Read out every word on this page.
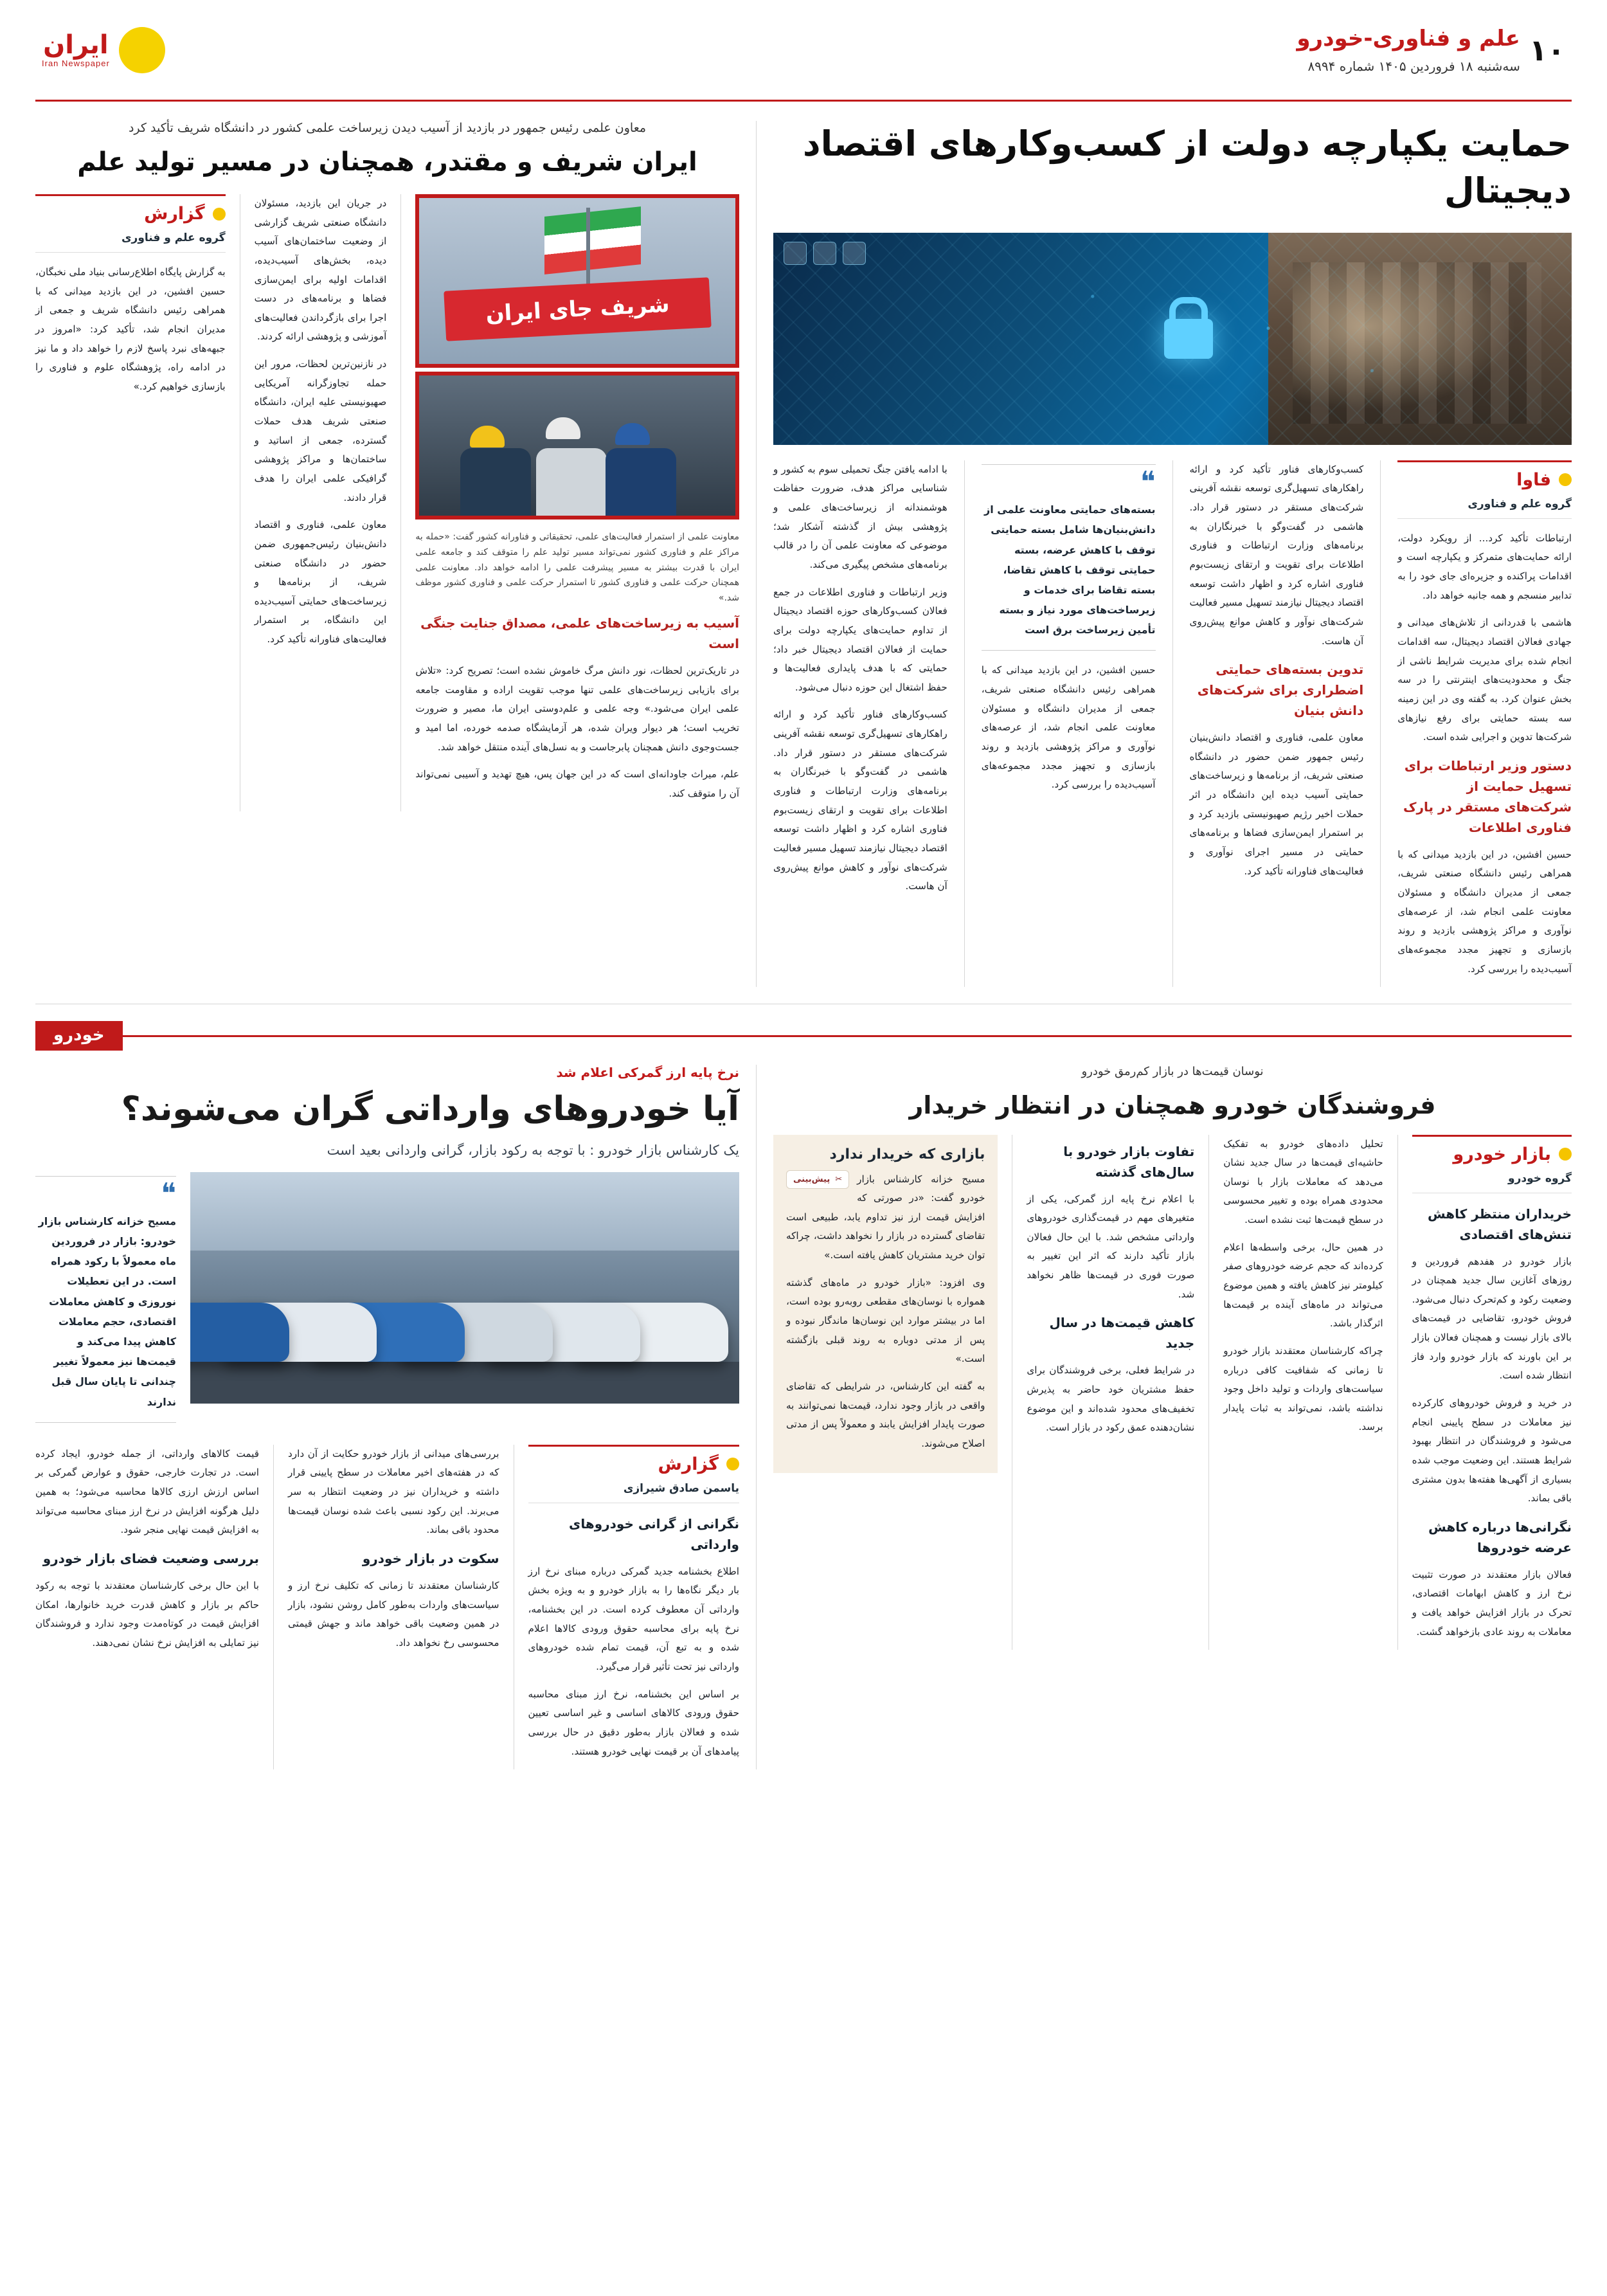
۱۰
علم و فناوری-خودرو
سه‌شنبه ۱۸ فروردین ۱۴۰۵ شماره ۸۹۹۴
ایران
Iran Newspaper
حمایت یکپارچه دولت از کسب‌وکارهای اقتصاد دیجیتال
فاوا
گروه علم و فناوری

ارتباطات تأکید کرد... از رویکرد دولت، ارائه حمایت‌های متمرکز و یکپارچه است و اقدامات پراکنده و جزیره‌ای جای خود را به تدابیر منسجم و همه جانبه خواهد داد.

هاشمی با قدردانی از تلاش‌های میدانی و جهادی فعالان اقتصاد دیجیتال، سه اقدامات انجام شده برای مدیریت شرایط ناشی از جنگ و محدودیت‌های اینترنتی را در سه بخش عنوان کرد. به گفته وی در این زمینه سه بسته حمایتی برای رفع نیازهای شرکت‌ها تدوین و اجرایی شده است.

دستور وزیر ارتباطات برای تسهیل حمایت از شرکت‌های مستقر در پارک فناوری اطلاعات

حسین افشین، در این بازدید میدانی که با همراهی رئیس دانشگاه صنعتی شریف، جمعی از مدیران دانشگاه و مسئولان معاونت علمی انجام شد، از عرصه‌های نوآوری و مراکز پژوهشی بازدید و روند بازسازی و تجهیز مجدد مجموعه‌های آسیب‌دیده را بررسی کرد.

کسب‌وکارهای فناور تأکید کرد و ارائه راهکارهای تسهیل‌گری توسعه نقشه آفرینی شرکت‌های مستقر در دستور قرار داد. هاشمی در گفت‌وگو با خبرنگاران به برنامه‌های وزارت ارتباطات و فناوری اطلاعات برای تقویت و ارتقای زیست‌بوم فناوری اشاره کرد و اظهار داشت توسعه اقتصاد دیجیتال نیازمند تسهیل مسیر فعالیت شرکت‌های نوآور و کاهش موانع پیش‌روی آن هاست.

تدوین بسته‌های حمایتی اضطراری برای شرکت‌های دانش بنیان

معاون علمی، فناوری و اقتصاد دانش‌بنیان رئیس جمهور ضمن حضور در دانشگاه صنعتی شریف، از برنامه‌ها و زیرساخت‌های حمایتی آسیب دیده این دانشگاه در اثر حملات اخیر رژیم صهیونیستی بازدید کرد و بر استمرار ایمن‌سازی فضاها و برنامه‌های حمایتی در مسیر اجرای نوآوری و فعالیت‌های فناورانه تأکید کرد.

❝
بسته‌های حمایتی معاونت علمی از دانش‌بنیان‌ها شامل بسته حمایتی توقف با کاهش عرضه، بسته حمایتی توقف با کاهش تقاضا، بسته تقاضا برای خدمات و زیرساخت‌های مورد نیاز و بسته تأمین زیرساخت برق است

حسین افشین، در این بازدید میدانی که با همراهی رئیس دانشگاه صنعتی شریف، جمعی از مدیران دانشگاه و مسئولان معاونت علمی انجام شد، از عرصه‌های نوآوری و مراکز پژوهشی بازدید و روند بازسازی و تجهیز مجدد مجموعه‌های آسیب‌دیده را بررسی کرد.

با ادامه یافتن جنگ تحمیلی سوم به کشور و شناسایی مراکز هدف، ضرورت حفاظت هوشمندانه از زیرساخت‌های علمی و پژوهشی بیش از گذشته آشکار شد؛ موضوعی که معاونت علمی آن را در قالب برنامه‌های مشخص پیگیری می‌کند.

وزیر ارتباطات و فناوری اطلاعات در جمع فعالان کسب‌وکارهای حوزه اقتصاد دیجیتال از تداوم حمایت‌های یکپارچه دولت برای حمایت از فعالان اقتصاد دیجیتال خبر داد؛ حمایتی که با هدف پایداری فعالیت‌ها و حفظ اشتغال این حوزه دنبال می‌شود.

کسب‌وکارهای فناور تأکید کرد و ارائه راهکارهای تسهیل‌گری توسعه نقشه آفرینی شرکت‌های مستقر در دستور قرار داد. هاشمی در گفت‌وگو با خبرنگاران به برنامه‌های وزارت ارتباطات و فناوری اطلاعات برای تقویت و ارتقای زیست‌بوم فناوری اشاره کرد و اظهار داشت توسعه اقتصاد دیجیتال نیازمند تسهیل مسیر فعالیت شرکت‌های نوآور و کاهش موانع پیش‌روی آن هاست.

معاون علمی رئیس جمهور در بازدید از آسیب دیدن زیرساخت علمی کشور در دانشگاه شریف تأکید کرد
ایران شریف و مقتدر، همچنان در مسیر تولید علم
شریف جای ایران
معاونت علمی از استمرار فعالیت‌های علمی، تحقیقاتی و فناورانه کشور گفت: «حمله به مراکز علم و فناوری کشور نمی‌تواند مسیر تولید علم را متوقف کند و جامعه علمی ایران با قدرت بیشتر به مسیر پیشرفت علمی را ادامه خواهد داد. معاونت علمی همچنان حرکت علمی و فناوری کشور تا استمرار حرکت علمی و فناوری کشور موظف شد.»
آسیب به زیرساخت‌های علمی، مصداق جنایت جنگی است

در تاریک‌ترین لحظات، نور دانش مرگ خاموش نشده است؛ تصریح کرد: «تلاش برای بازیابی زیرساخت‌های علمی تنها موجب تقویت اراده و مقاومت جامعه علمی ایران می‌شود.» وجه علمی و علم‌دوستی ایران ما، مصیر و ضرورت تخریب است؛ هر دیوار ویران شده، هر آزمایشگاه صدمه خورده، اما امید و جست‌وجوی دانش همچنان پابرجاست و به نسل‌های آینده منتقل خواهد شد.

علم، میراث جاودانه‌ای است که در این جهان پس، هیچ تهدید و آسیبی نمی‌تواند آن را متوقف کند.

در جریان این بازدید، مسئولان دانشگاه صنعتی شریف گزارشی از وضعیت ساختمان‌های آسیب دیده، بخش‌های آسیب‌دیده، اقدامات اولیه برای ایمن‌سازی فضاها و برنامه‌های در دست اجرا برای بازگرداندن فعالیت‌های آموزشی و پژوهشی ارائه کردند.

در نازنین‌ترین لحظات، مرور این حمله تجاوزگرانه آمریکایی صهیونیستی علیه ایران، دانشگاه صنعتی شریف هدف حملات گسترده، جمعی از اساتید و ساختمان‌ها و مراکز پژوهشی گرافیکی علمی ایران را هدف قرار دادند.

معاون علمی، فناوری و اقتصاد دانش‌بنیان رئیس‌جمهوری ضمن حضور در دانشگاه صنعتی شریف، از برنامه‌ها و زیرساخت‌های حمایتی آسیب‌دیده این دانشگاه، بر استمرار فعالیت‌های فناورانه تأکید کرد.

گزارش
گروه علم و فناوری

به گزارش پایگاه اطلاع‌رسانی بنیاد ملی نخبگان، حسین افشین، در این بازدید میدانی که با همراهی رئیس دانشگاه شریف و جمعی از مدیران انجام شد، تأکید کرد: «امروز در جبهه‌های نبرد پاسخ لازم را خواهد داد و ما نیز در ادامه راه، پژوهشگاه علوم و فناوری را بازسازی خواهیم کرد.»

خودرو
نوسان قیمت‌ها در بازار کم‌رمق خودرو
فروشندگان خودرو همچنان در انتظار خریدار
بازار خودرو
گروه خودرو
خریداران منتظر کاهش تنش‌های اقتصادی

بازار خودرو در هفدهم فروردین و روزهای آغازین سال جدید همچنان در وضعیت رکود و کم‌تحرک دنبال می‌شود. فروش خودرو، تقاضایی در قیمت‌های بالای بازار نیست و همچنان فعالان بازار بر این باورند که بازار خودرو وارد فاز انتظار شده است.

در خرید و فروش خودروهای کارکرده نیز معاملات در سطح پایینی انجام می‌شود و فروشندگان در انتظار بهبود شرایط هستند. این وضعیت موجب شده بسیاری از آگهی‌ها هفته‌ها بدون مشتری باقی بماند.

نگرانی‌ها درباره کاهش عرضه خودروها

فعالان بازار معتقدند در صورت تثبیت نرخ ارز و کاهش ابهامات اقتصادی، تحرک در بازار افزایش خواهد یافت و معاملات به روند عادی بازخواهد گشت.

تحلیل داده‌های خودرو به تفکیک حاشیه‌ای قیمت‌ها در سال جدید نشان می‌دهد که معاملات بازار با نوسان محدودی همراه بوده و تغییر محسوسی در سطح قیمت‌ها ثبت نشده است.

در همین حال، برخی واسطه‌ها اعلام کرده‌اند که حجم عرضه خودروهای صفر کیلومتر نیز کاهش یافته و همین موضوع می‌تواند در ماه‌های آینده بر قیمت‌ها اثرگذار باشد.

چراکه کارشناسان معتقدند بازار خودرو تا زمانی که شفافیت کافی درباره سیاست‌های واردات و تولید داخل وجود نداشته باشد، نمی‌تواند به ثبات پایدار برسد.

تفاوت بازار خودرو با سال‌های گذشته

با اعلام نرخ پایه ارز گمرکی، یکی از متغیرهای مهم در قیمت‌گذاری خودروهای وارداتی مشخص شد. با این حال فعالان بازار تأکید دارند که اثر این تغییر به صورت فوری در قیمت‌ها ظاهر نخواهد شد.

کاهش قیمت‌ها در سال جدید

در شرایط فعلی، برخی فروشندگان برای حفظ مشتریان خود حاضر به پذیرش تخفیف‌های محدود شده‌اند و این موضوع نشان‌دهنده عمق رکود در بازار است.

بازاری که خریدار ندارد
✂
پیش‌بینی	مسیح خزانه کارشناس بازار خودرو گفت: «در صورتی که افزایش قیمت ارز نیز تداوم یابد، طبیعی است تقاضای گسترده در بازار را نخواهد داشت، چراکه توان خرید مشتریان کاهش یافته است.»

وی افزود: «بازار خودرو در ماه‌های گذشته همواره با نوسان‌های مقطعی روبه‌رو بوده است، اما در بیشتر موارد این نوسان‌ها ماندگار نبوده و پس از مدتی دوباره به روند قبلی بازگشته است.»

به گفته این کارشناس، در شرایطی که تقاضای واقعی در بازار وجود ندارد، قیمت‌ها نمی‌توانند به صورت پایدار افزایش یابند و معمولاً پس از مدتی اصلاح می‌شوند.

نرخ پایه ارز گمرکی اعلام شد
آیا خودروهای وارداتی گران می‌شوند؟
یک کارشناس بازار خودرو : با توجه به رکود بازار، گرانی واردانی بعید است
❝
مسیح خزانه کارشناس بازار خودرو: بازار در فروردین ماه معمولاً با رکود همراه است. در این تعطیلات نوروزی و کاهش معاملات اقتصادی، حجم معاملات کاهش پیدا می‌کند و قیمت‌ها نیز معمولاً تغییر چندانی تا پایان سال قبل ندارند
گزارش
یاسمن صادق شیرازی
نگرانی از گرانی خودروهای وارداتی

اطلاع بخشنامه جدید گمرکی درباره مبنای نرخ ارز بار دیگر نگاه‌ها را به بازار خودرو و به ویژه بخش وارداتی آن معطوف کرده است. در این بخشنامه، نرخ پایه برای محاسبه حقوق ورودی کالاها اعلام شده و به تبع آن، قیمت تمام شده خودروهای وارداتی نیز تحت تأثیر قرار می‌گیرد.

بر اساس این بخشنامه، نرخ ارز مبنای محاسبه حقوق ورودی کالاهای اساسی و غیر اساسی تعیین شده و فعالان بازار به‌طور دقیق در حال بررسی پیامدهای آن بر قیمت نهایی خودرو هستند.

بررسی‌های میدانی از بازار خودرو حکایت از آن دارد که در هفته‌های اخیر معاملات در سطح پایینی قرار داشته و خریداران نیز در وضعیت انتظار به سر می‌برند. این رکود نسبی باعث شده نوسان قیمت‌ها محدود باقی بماند.

سکوت در بازار خودرو

کارشناسان معتقدند تا زمانی که تکلیف نرخ ارز و سیاست‌های واردات به‌طور کامل روشن نشود، بازار در همین وضعیت باقی خواهد ماند و جهش قیمتی محسوسی رخ نخواهد داد.

قیمت کالاهای وارداتی، از جمله خودرو، ایجاد کرده است. در تجارت خارجی، حقوق و عوارض گمرکی بر اساس ارزش ارزی کالاها محاسبه می‌شود؛ به همین دلیل هرگونه افزایش در نرخ ارز مبنای محاسبه می‌تواند به افزایش قیمت نهایی منجر شود.

بررسی وضعیت فضای بازار خودرو

با این حال برخی کارشناسان معتقدند با توجه به رکود حاکم بر بازار و کاهش قدرت خرید خانوارها، امکان افزایش قیمت در کوتاه‌مدت وجود ندارد و فروشندگان نیز تمایلی به افزایش نرخ نشان نمی‌دهند.
